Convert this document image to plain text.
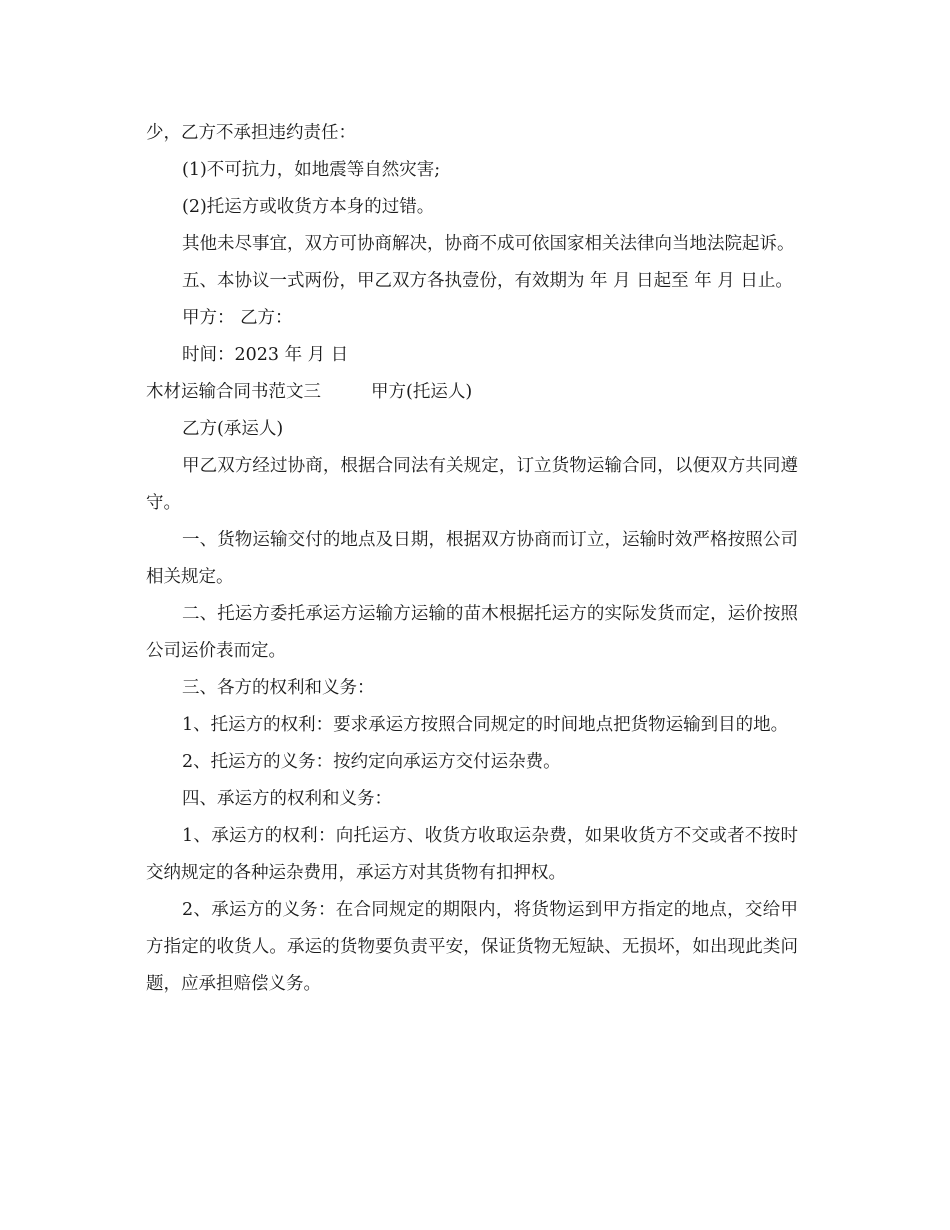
少，乙方不承担违约责任：

(1)不可抗力，如地震等自然灾害;

(2)托运方或收货方本身的过错。

其他未尽事宜，双方可协商解决，协商不成可依国家相关法律向当地法院起诉。

五、本协议一式两份，甲乙双方各执壹份，有效期为 年 月 日起至 年 月 日止。

甲方： 乙方：

时间：2023 年 月 日

木材运输合同书范文三	甲方(托运人)

乙方(承运人)

甲乙双方经过协商，根据合同法有关规定，订立货物运输合同，以便双方共同遵守。

一、货物运输交付的地点及日期，根据双方协商而订立，运输时效严格按照公司相关规定。

二、托运方委托承运方运输方运输的苗木根据托运方的实际发货而定，运价按照公司运价表而定。

三、各方的权利和义务：

1、托运方的权利：要求承运方按照合同规定的时间地点把货物运输到目的地。

2、托运方的义务：按约定向承运方交付运杂费。

四、承运方的权利和义务：

1、承运方的权利：向托运方、收货方收取运杂费，如果收货方不交或者不按时交纳规定的各种运杂费用，承运方对其货物有扣押权。

2、承运方的义务：在合同规定的期限内，将货物运到甲方指定的地点，交给甲方指定的收货人。承运的货物要负责平安，保证货物无短缺、无损坏，如出现此类问题，应承担赔偿义务。
